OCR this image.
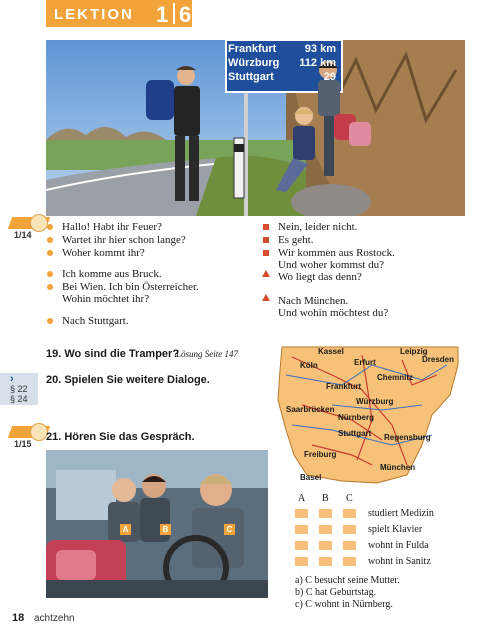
LEKTION 1 6
Frankfurt	93 km
Würzburg 112 km
Stuttgart	29
1/14
Hallo! Habt ihr Feuer?
Wartet ihr hier schon lange?
Woher kommt ihr?
Ich komme aus Bruck.
Bei Wien. Ich bin Österreicher.
Wohin möchtet ihr?
Nach Stuttgart.
Nein, leider nicht.
Es geht.
Wir kommen aus Rostock.
Und woher kommst du?
Wo liegt das denn?
Nach München.
Und wohin möchtest du?
19. Wo sind die Tramper?
Lösung Seite 147
›
§ 22
§ 24
20. Spielen Sie weitere Dialoge.
1/15
21. Hören Sie das Gespräch.
Kassel	Leipzig
Köln	Erfurt	Dresden
Chemnitz
Frankfurt
Würzburg
Saarbrücken
Nürnberg
Stuttgart Regensburg
Freiburg
München
Basel
A	B	C
A B C
studiert Medizin
spielt Klavier
wohnt in Fulda
wohnt in Sanitz
a) C besucht seine Mutter.
b) C hat Geburtstag.
c) C wohnt in Nürnberg.
18 achtzehn
